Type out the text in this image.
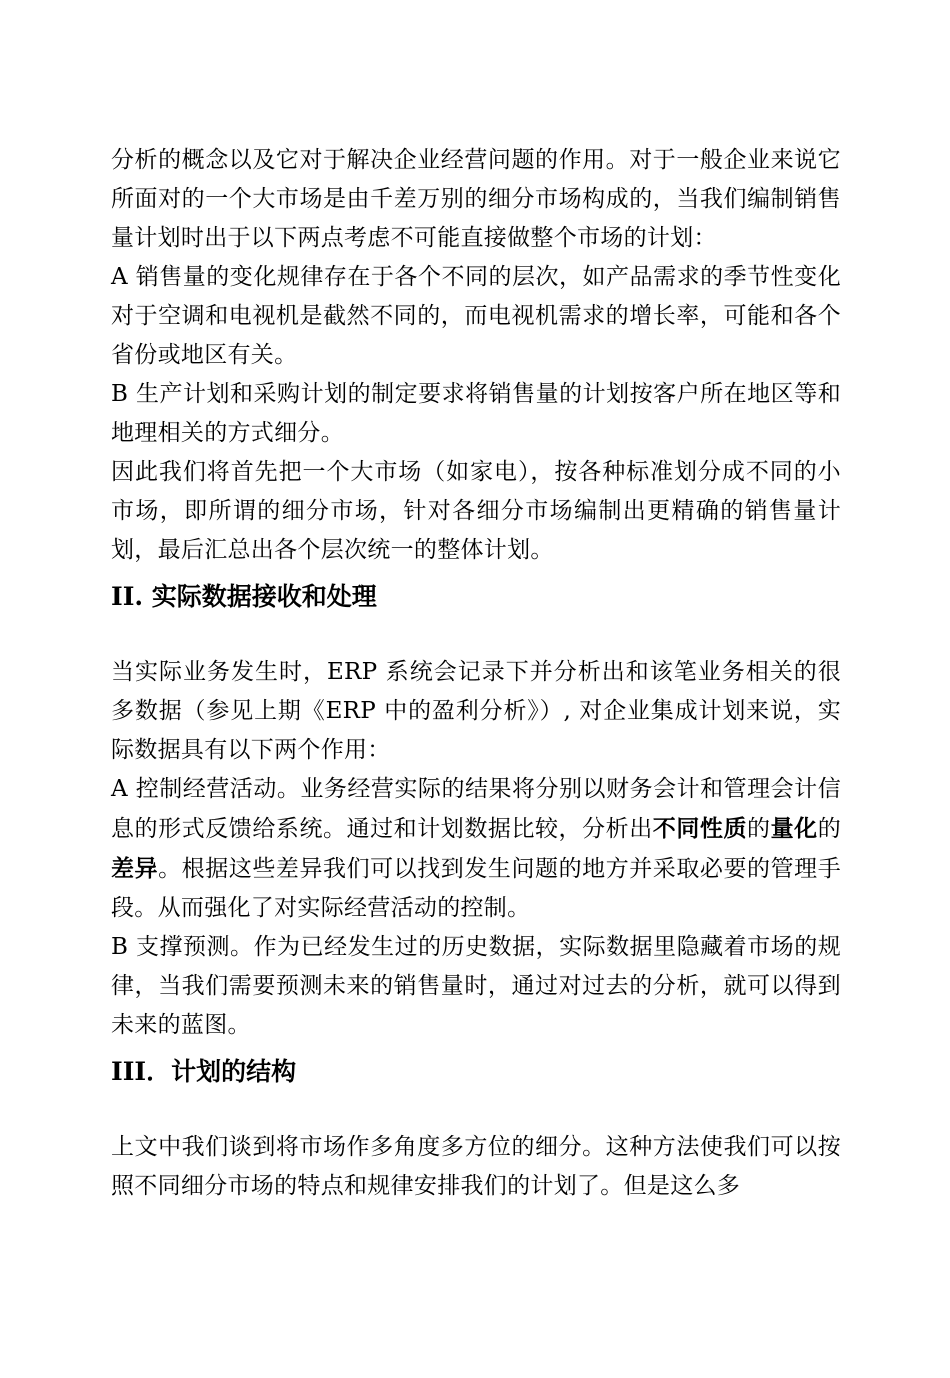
分析的概念以及它对于解决企业经营问题的作用。对于一般企业来说它所面对的一个大市场是由千差万别的细分市场构成的，当我们编制销售量计划时出于以下两点考虑不可能直接做整个市场的计划：

A 销售量的变化规律存在于各个不同的层次，如产品需求的季节性变化对于空调和电视机是截然不同的，而电视机需求的增长率，可能和各个省份或地区有关。

B 生产计划和采购计划的制定要求将销售量的计划按客户所在地区等和地理相关的方式细分。

因此我们将首先把一个大市场（如家电），按各种标准划分成不同的小市场，即所谓的细分市场，针对各细分市场编制出更精确的销售量计划，最后汇总出各个层次统一的整体计划。

II. 实际数据接收和处理

当实际业务发生时，ERP 系统会记录下并分析出和该笔业务相关的很多数据（参见上期《ERP 中的盈利分析》）, 对企业集成计划来说，实际数据具有以下两个作用：

A 控制经营活动。业务经营实际的结果将分别以财务会计和管理会计信息的形式反馈给系统。通过和计划数据比较，分析出不同性质的量化的差异。根据这些差异我们可以找到发生问题的地方并采取必要的管理手段。从而强化了对实际经营活动的控制。

B 支撑预测。作为已经发生过的历史数据，实际数据里隐藏着市场的规律，当我们需要预测未来的销售量时，通过对过去的分析，就可以得到未来的蓝图。

III．计划的结构

上文中我们谈到将市场作多角度多方位的细分。这种方法使我们可以按照不同细分市场的特点和规律安排我们的计划了。但是这么多
